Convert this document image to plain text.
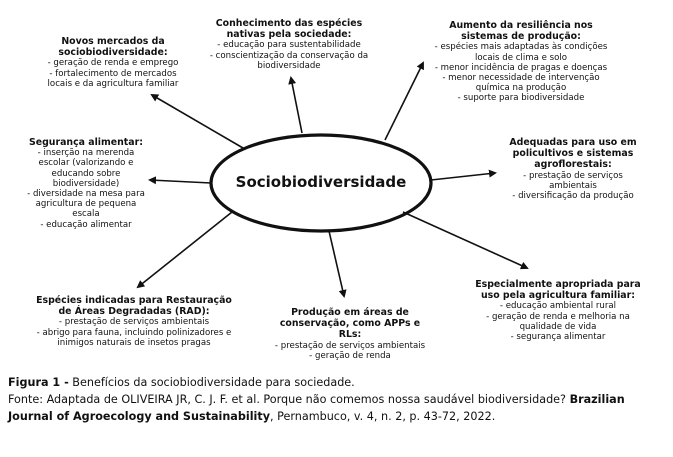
Sociobiodiversidade
Conhecimento das espécies nativas pela sociedade:
- educação para sustentabilidade
- conscientização da conservação da biodiversidade
Novos mercados da sociobiodiversidade:
- geração de renda e emprego
- fortalecimento de mercados locais e da agricultura familiar
Aumento da resiliência nos sistemas de produção:
- espécies mais adaptadas às condições locais de clima e solo
- menor incidência de pragas e doenças
- menor necessidade de intervenção química na produção
- suporte para biodiversidade
Segurança alimentar:
- inserção na merenda escolar (valorizando e educando sobre biodiversidade)
- diversidade na mesa para agricultura de pequena escala
- educação alimentar
Adequadas para uso em policultivos e sistemas agroflorestais:
- prestação de serviços ambientais
- diversificação da produção
Espécies indicadas para Restauração de Áreas Degradadas (RAD):
- prestação de serviços ambientais
- abrigo para fauna, incluindo polinizadores e inimigos naturais de insetos pragas
Produção em áreas de conservação, como APPs e RLs:
- prestação de serviços ambientais
- geração de renda
Especialmente apropriada para uso pela agricultura familiar:
- educação ambiental rural
- geração de renda e melhoria na qualidade de vida
- segurança alimentar
Figura 1 - Benefícios da sociobiodiversidade para sociedade.
Fonte: Adaptada de OLIVEIRA JR, C. J. F. et al. Porque não comemos nossa saudável biodiversidade? Brazilian Journal of Agroecology and Sustainability, Pernambuco, v. 4, n. 2, p. 43-72, 2022.
